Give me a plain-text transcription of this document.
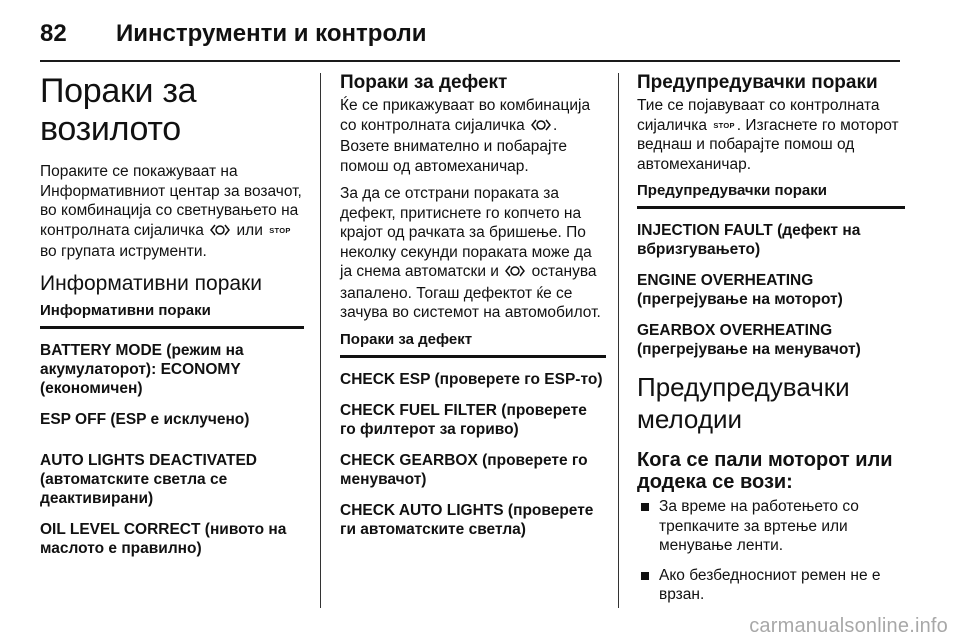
82 Иинструменти и контроли
Пораки за возилото

Пораките се покажуваат на Информативниот центар за возачот, во комбинација со светнувањето на контролната сијаличка или STOP во групата иструменти.

Информативни пораки
Информативни пораки
BATTERY MODE (режим на акумулаторот): ECONOMY (економичен)
ESP OFF (ESP е исклучено)
AUTO LIGHTS DEACTIVATED (автоматските светла се деактивирани)
OIL LEVEL CORRECT (нивото на маслото е правилно)
Пораки за дефект

Ќе се прикажуваат во комбинација со контролната сијаличка . Возете внимателно и побарајте помош од автомеханичар.

За да се отстрани пораката за дефект, притиснете го копчето на крајот од рачката за бришење. По неколку секунди пораката може да ја снема автоматски и останува запалено. Тогаш дефектот ќе се зачува во системот на автомобилот.

Пораки за дефект
CHECK ESP (проверете го ESP-то)
CHECK FUEL FILTER (проверете го филтерот за гориво)
CHECK GEARBOX (проверете го менувачот)
CHECK AUTO LIGHTS (проверете ги автоматските светла)
Предупредувачки пораки

Тие се појавуваат со контролната сијаличка STOP . Изгаснете го моторот веднаш и побарајте помош од автомеханичар.

Предупредувачки пораки
INJECTION FAULT (дефект на вбризгувањето)
ENGINE OVERHEATING (прегрејување на моторот)
GEARBOX OVERHEATING (прегрејување на менувачот)
Предупредувачки мелодии
Кога се пали моторот или додека се вози:
За време на работењето со трепкачите за вртење или менување ленти.
Ако безбедносниот ремен не е врзан.
carmanualsonline.info
